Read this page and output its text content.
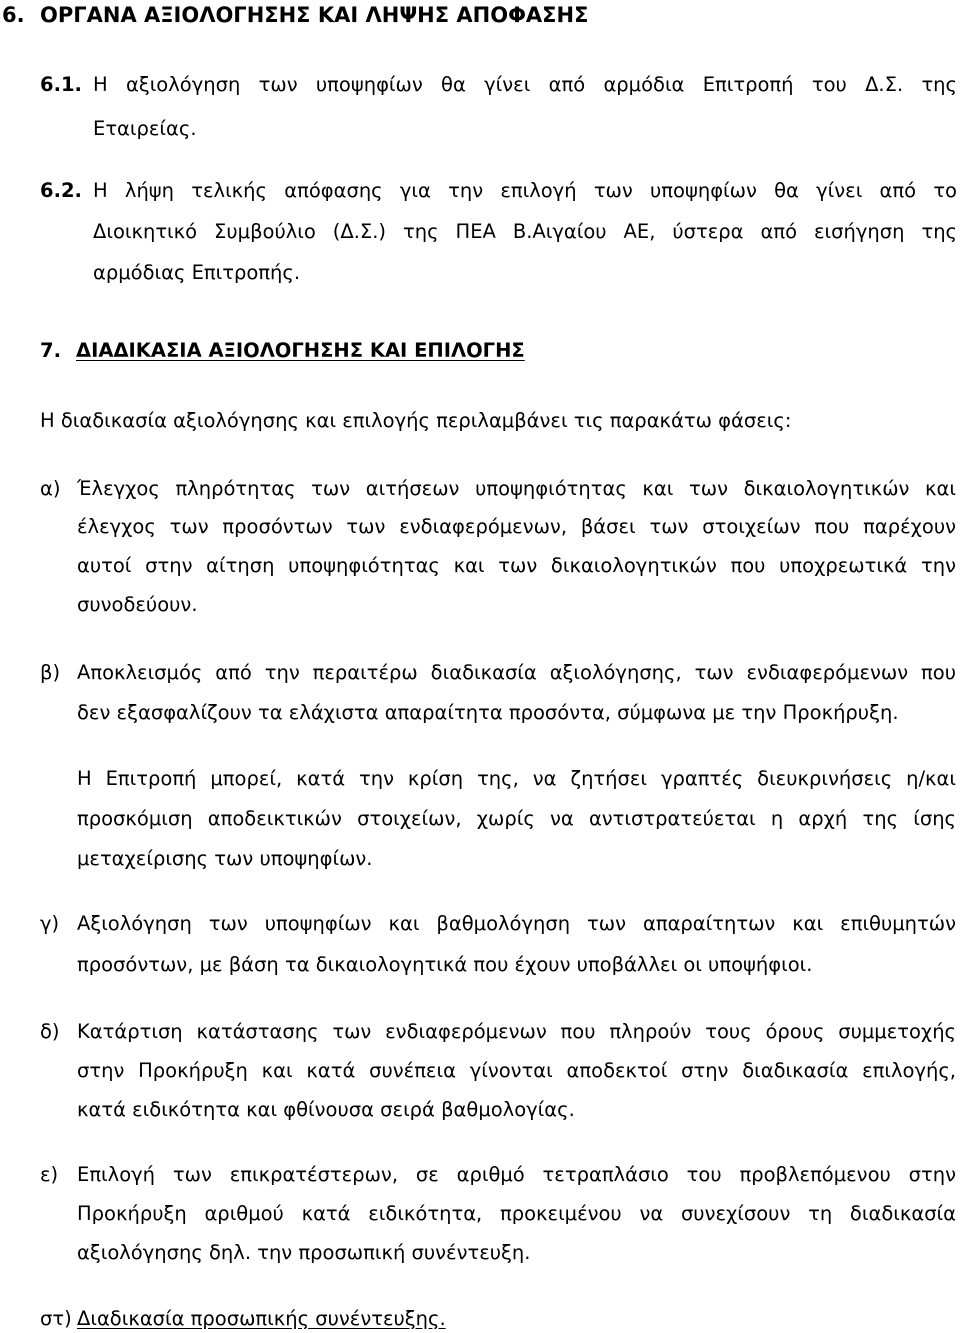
6. ΟΡΓΑΝΑ ΑΞΙΟΛΟΓΗΣΗΣ ΚΑΙ ΛΗΨΗΣ ΑΠΟΦΑΣΗΣ
6.1. Η αξιολόγηση των υποψηφίων θα γίνει από αρμόδια Επιτροπή του Δ.Σ. της
Εταιρείας.
6.2. Η λήψη τελικής απόφασης για την επιλογή των υποψηφίων θα γίνει από το
Διοικητικό Συμβούλιο (Δ.Σ.) της ΠΕΑ Β.Αιγαίου ΑΕ, ύστερα από εισήγηση της
αρμόδιας Επιτροπής.
7. ΔΙΑΔΙΚΑΣΙΑ ΑΞΙΟΛΟΓΗΣΗΣ ΚΑΙ ΕΠΙΛΟΓΗΣ
Η διαδικασία αξιολόγησης και επιλογής περιλαμβάνει τις παρακάτω φάσεις:
α) Έλεγχος πληρότητας των αιτήσεων υποψηφιότητας και των δικαιολογητικών και
έλεγχος των προσόντων των ενδιαφερόμενων, βάσει των στοιχείων που παρέχουν
αυτοί στην αίτηση υποψηφιότητας και των δικαιολογητικών που υποχρεωτικά την
συνοδεύουν.
β) Αποκλεισμός από την περαιτέρω διαδικασία αξιολόγησης, των ενδιαφερόμενων που
δεν εξασφαλίζουν τα ελάχιστα απαραίτητα προσόντα, σύμφωνα με την Προκήρυξη.
Η Επιτροπή μπορεί, κατά την κρίση της, να ζητήσει γραπτές διευκρινήσεις η/και
προσκόμιση αποδεικτικών στοιχείων, χωρίς να αντιστρατεύεται η αρχή της ίσης
μεταχείρισης των υποψηφίων.
γ) Αξιολόγηση των υποψηφίων και βαθμολόγηση των απαραίτητων και επιθυμητών
προσόντων, με βάση τα δικαιολογητικά που έχουν υποβάλλει οι υποψήφιοι.
δ) Κατάρτιση κατάστασης των ενδιαφερόμενων που πληρούν τους όρους συμμετοχής
στην Προκήρυξη και κατά συνέπεια γίνονται αποδεκτοί στην διαδικασία επιλογής,
κατά ειδικότητα και φθίνουσα σειρά βαθμολογίας.
ε) Επιλογή των επικρατέστερων, σε αριθμό τετραπλάσιο του προβλεπόμενου στην
Προκήρυξη αριθμού κατά ειδικότητα, προκειμένου να συνεχίσουν τη διαδικασία
αξιολόγησης δηλ. την προσωπική συνέντευξη.
στ) Διαδικασία προσωπικής συνέντευξης.
